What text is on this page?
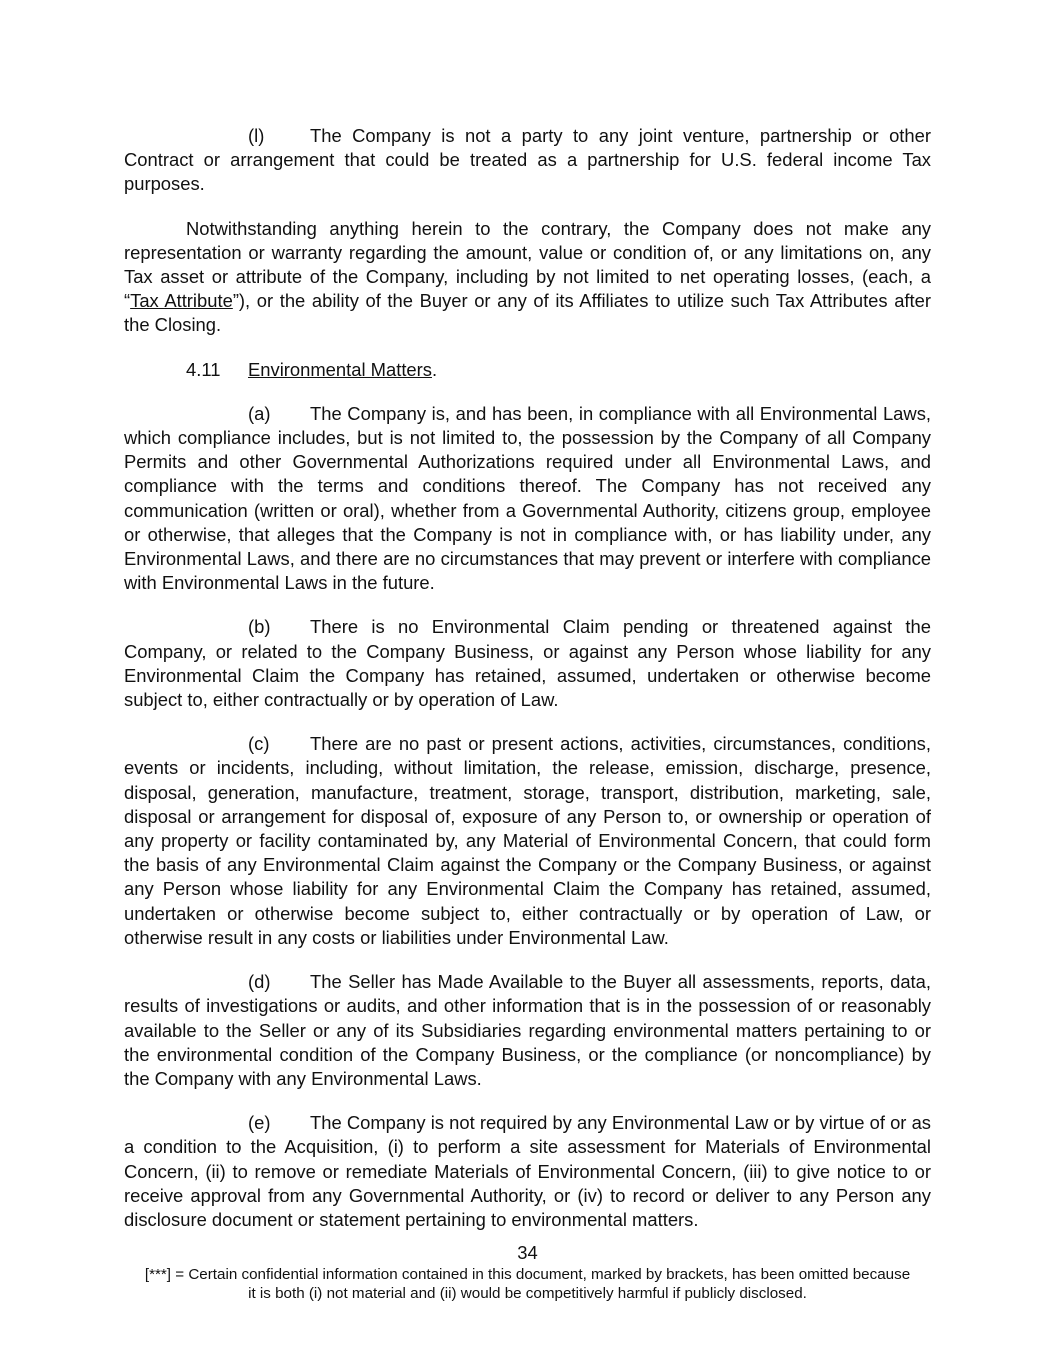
(l) The Company is not a party to any joint venture, partnership or other Contract or arrangement that could be treated as a partnership for U.S. federal income Tax purposes.

Notwithstanding anything herein to the contrary, the Company does not make any representation or warranty regarding the amount, value or condition of, or any limitations on, any Tax asset or attribute of the Company, including by not limited to net operating losses, (each, a “Tax Attribute”), or the ability of the Buyer or any of its Affiliates to utilize such Tax Attributes after the Closing.

4.11 Environmental Matters.

(a) The Company is, and has been, in compliance with all Environmental Laws, which compliance includes, but is not limited to, the possession by the Company of all Company Permits and other Governmental Authorizations required under all Environmental Laws, and compliance with the terms and conditions thereof. The Company has not received any communication (written or oral), whether from a Governmental Authority, citizens group, employee or otherwise, that alleges that the Company is not in compliance with, or has liability under, any Environmental Laws, and there are no circumstances that may prevent or interfere with compliance with Environmental Laws in the future.

(b) There is no Environmental Claim pending or threatened against the Company, or related to the Company Business, or against any Person whose liability for any Environmental Claim the Company has retained, assumed, undertaken or otherwise become subject to, either contractually or by operation of Law.

(c) There are no past or present actions, activities, circumstances, conditions, events or incidents, including, without limitation, the release, emission, discharge, presence, disposal, generation, manufacture, treatment, storage, transport, distribution, marketing, sale, disposal or arrangement for disposal of, exposure of any Person to, or ownership or operation of any property or facility contaminated by, any Material of Environmental Concern, that could form the basis of any Environmental Claim against the Company or the Company Business, or against any Person whose liability for any Environmental Claim the Company has retained, assumed, undertaken or otherwise become subject to, either contractually or by operation of Law, or otherwise result in any costs or liabilities under Environmental Law.

(d) The Seller has Made Available to the Buyer all assessments, reports, data, results of investigations or audits, and other information that is in the possession of or reasonably available to the Seller or any of its Subsidiaries regarding environmental matters pertaining to or the environmental condition of the Company Business, or the compliance (or noncompliance) by the Company with any Environmental Laws.

(e) The Company is not required by any Environmental Law or by virtue of or as a condition to the Acquisition, (i) to perform a site assessment for Materials of Environmental Concern, (ii) to remove or remediate Materials of Environmental Concern, (iii) to give notice to or receive approval from any Governmental Authority, or (iv) to record or deliver to any Person any disclosure document or statement pertaining to environmental matters.

34
[***] = Certain confidential information contained in this document, marked by brackets, has been omitted because
it is both (i) not material and (ii) would be competitively harmful if publicly disclosed.
